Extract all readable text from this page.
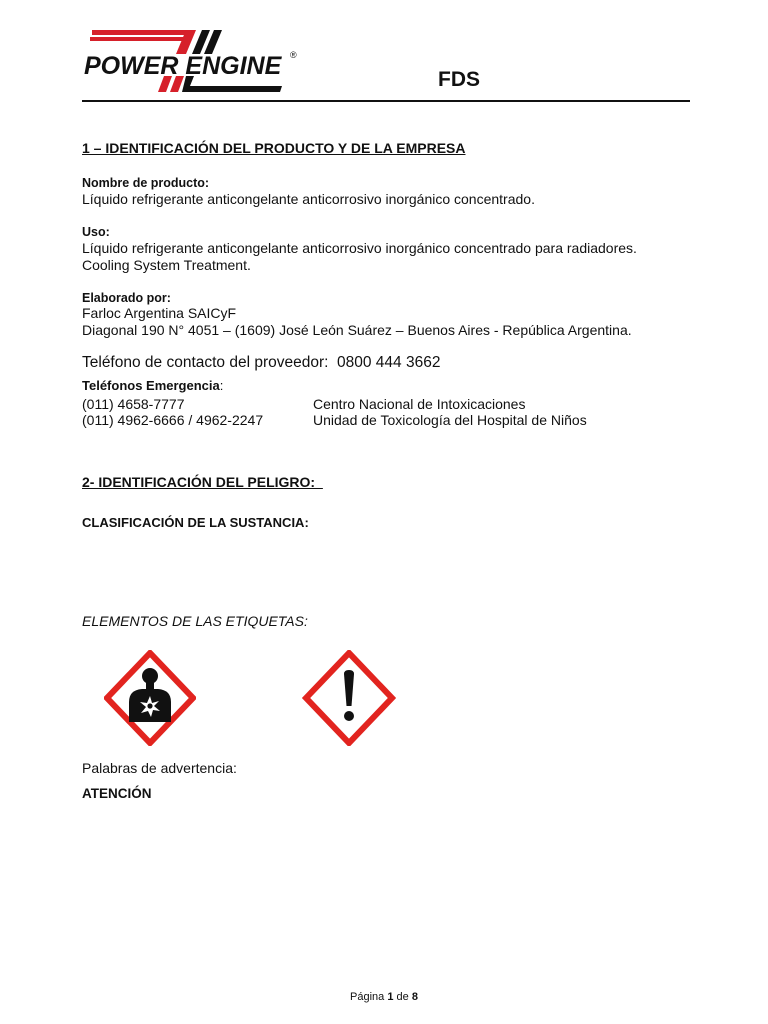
POWER ENGINE ®
FDS
1 – IDENTIFICACIÓN DEL PRODUCTO Y DE LA EMPRESA
Nombre de producto:
Líquido refrigerante anticongelante anticorrosivo inorgánico concentrado.
Uso:
Líquido refrigerante anticongelante anticorrosivo inorgánico concentrado para radiadores.
Cooling System Treatment.
Elaborado por:
Farloc Argentina SAICyF
Diagonal 190 N° 4051 – (1609) José León Suárez – Buenos Aires - República Argentina.
Teléfono de contacto del proveedor: 0800 444 3662
Teléfonos Emergencia:
(011) 4658-7777	Centro Nacional de Intoxicaciones
(011) 4962-6666 / 4962-2247	Unidad de Toxicología del Hospital de Niños
2- IDENTIFICACIÓN DEL PELIGRO:
CLASIFICACIÓN DE LA SUSTANCIA:
ELEMENTOS DE LAS ETIQUETAS:
Palabras de advertencia:
ATENCIÓN
Página 1 de 8
